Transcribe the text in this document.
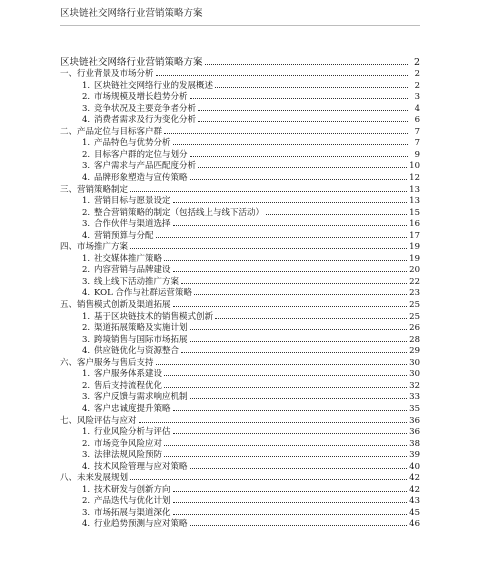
区块链社交网络行业营销策略方案
区块链社交网络行业营销策略方案	2
一、行业背景及市场分析	2
1. 区块链社交网络行业的发展概述	2
2. 市场规模及增长趋势分析	3
3. 竞争状况及主要竞争者分析	4
4. 消费者需求及行为变化分析	6
二、产品定位与目标客户群	7
1. 产品特色与优势分析	7
2. 目标客户群的定位与划分	9
3. 客户需求与产品匹配度分析	10
4. 品牌形象塑造与宣传策略	12
三、营销策略制定	13
1. 营销目标与愿景设定	13
2. 整合营销策略的制定（包括线上与线下活动）	15
3. 合作伙伴与渠道选择	16
4. 营销预算与分配	17
四、市场推广方案	19
1. 社交媒体推广策略	19
2. 内容营销与品牌建设	20
3. 线上线下活动推广方案	22
4. KOL 合作与社群运营策略	23
五、销售模式创新及渠道拓展	25
1. 基于区块链技术的销售模式创新	25
2. 渠道拓展策略及实施计划	26
3. 跨境销售与国际市场拓展	28
4. 供应链优化与资源整合	29
六、客户服务与售后支持	30
1. 客户服务体系建设	30
2. 售后支持流程优化	32
3. 客户反馈与需求响应机制	33
4. 客户忠诚度提升策略	35
七、风险评估与应对	36
1. 行业风险分析与评估	36
2. 市场竞争风险应对	38
3. 法律法规风险预防	39
4. 技术风险管理与应对策略	40
八、未来发展规划	42
1. 技术研发与创新方向	42
2. 产品迭代与优化计划	43
3. 市场拓展与渠道深化	45
4. 行业趋势预测与应对策略	46
